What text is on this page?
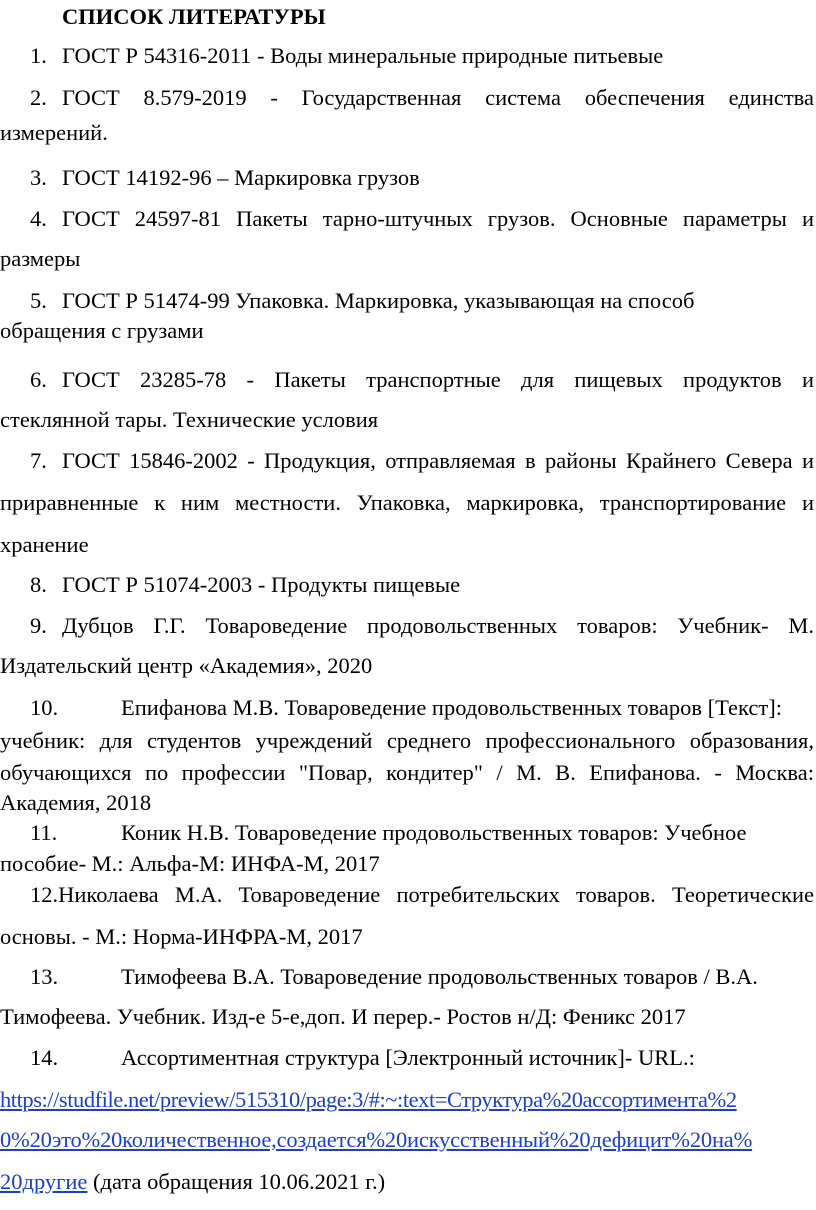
СПИСОК ЛИТЕРАТУРЫ
1. ГОСТ Р 54316-2011 - Воды минеральные природные питьевые
2. ГОСТ 8.579-2019 - Государственная система обеспечения единства
измерений.
3. ГОСТ 14192-96 – Маркировка грузов
4. ГОСТ 24597-81 Пакеты тарно-штучных грузов. Основные параметры и
размеры
5. ГОСТ Р 51474-99 Упаковка. Маркировка, указывающая на способ
обращения с грузами
6. ГОСТ 23285-78 - Пакеты транспортные для пищевых продуктов и
стеклянной тары. Технические условия
7. ГОСТ 15846-2002 - Продукция, отправляемая в районы Крайнего Севера и
приравненные к ним местности. Упаковка, маркировка, транспортирование и
хранение
8. ГОСТ Р 51074-2003 - Продукты пищевые
9. Дубцов Г.Г. Товароведение продовольственных товаров: Учебник- М.
Издательский центр «Академия», 2020
10.	Епифанова М.В. Товароведение продовольственных товаров [Текст]:
учебник: для студентов учреждений среднего профессионального образования,
обучающихся по профессии "Повар, кондитер" / М. В. Епифанова. - Москва:
Академия, 2018
11.	Коник Н.В. Товароведение продовольственных товаров: Учебное
пособие- М.: Альфа-М: ИНФА-М, 2017
12.Николаева М.А. Товароведение потребительских товаров. Теоретические
основы. - М.: Норма-ИНФРА-М, 2017
13.	Тимофеева В.А. Товароведение продовольственных товаров / В.А.
Тимофеева. Учебник. Изд-е 5-е,доп. И перер.- Ростов н/Д: Феникс 2017
14.	Ассортиментная структура [Электронный источник]- URL.:
https://studfile.net/preview/515310/page:3/#:~:text=Структура%20ассортимента%2
0%20это%20количественное,создается%20искусственный%20дефицит%20на%
20другие (дата обращения 10.06.2021 г.)
